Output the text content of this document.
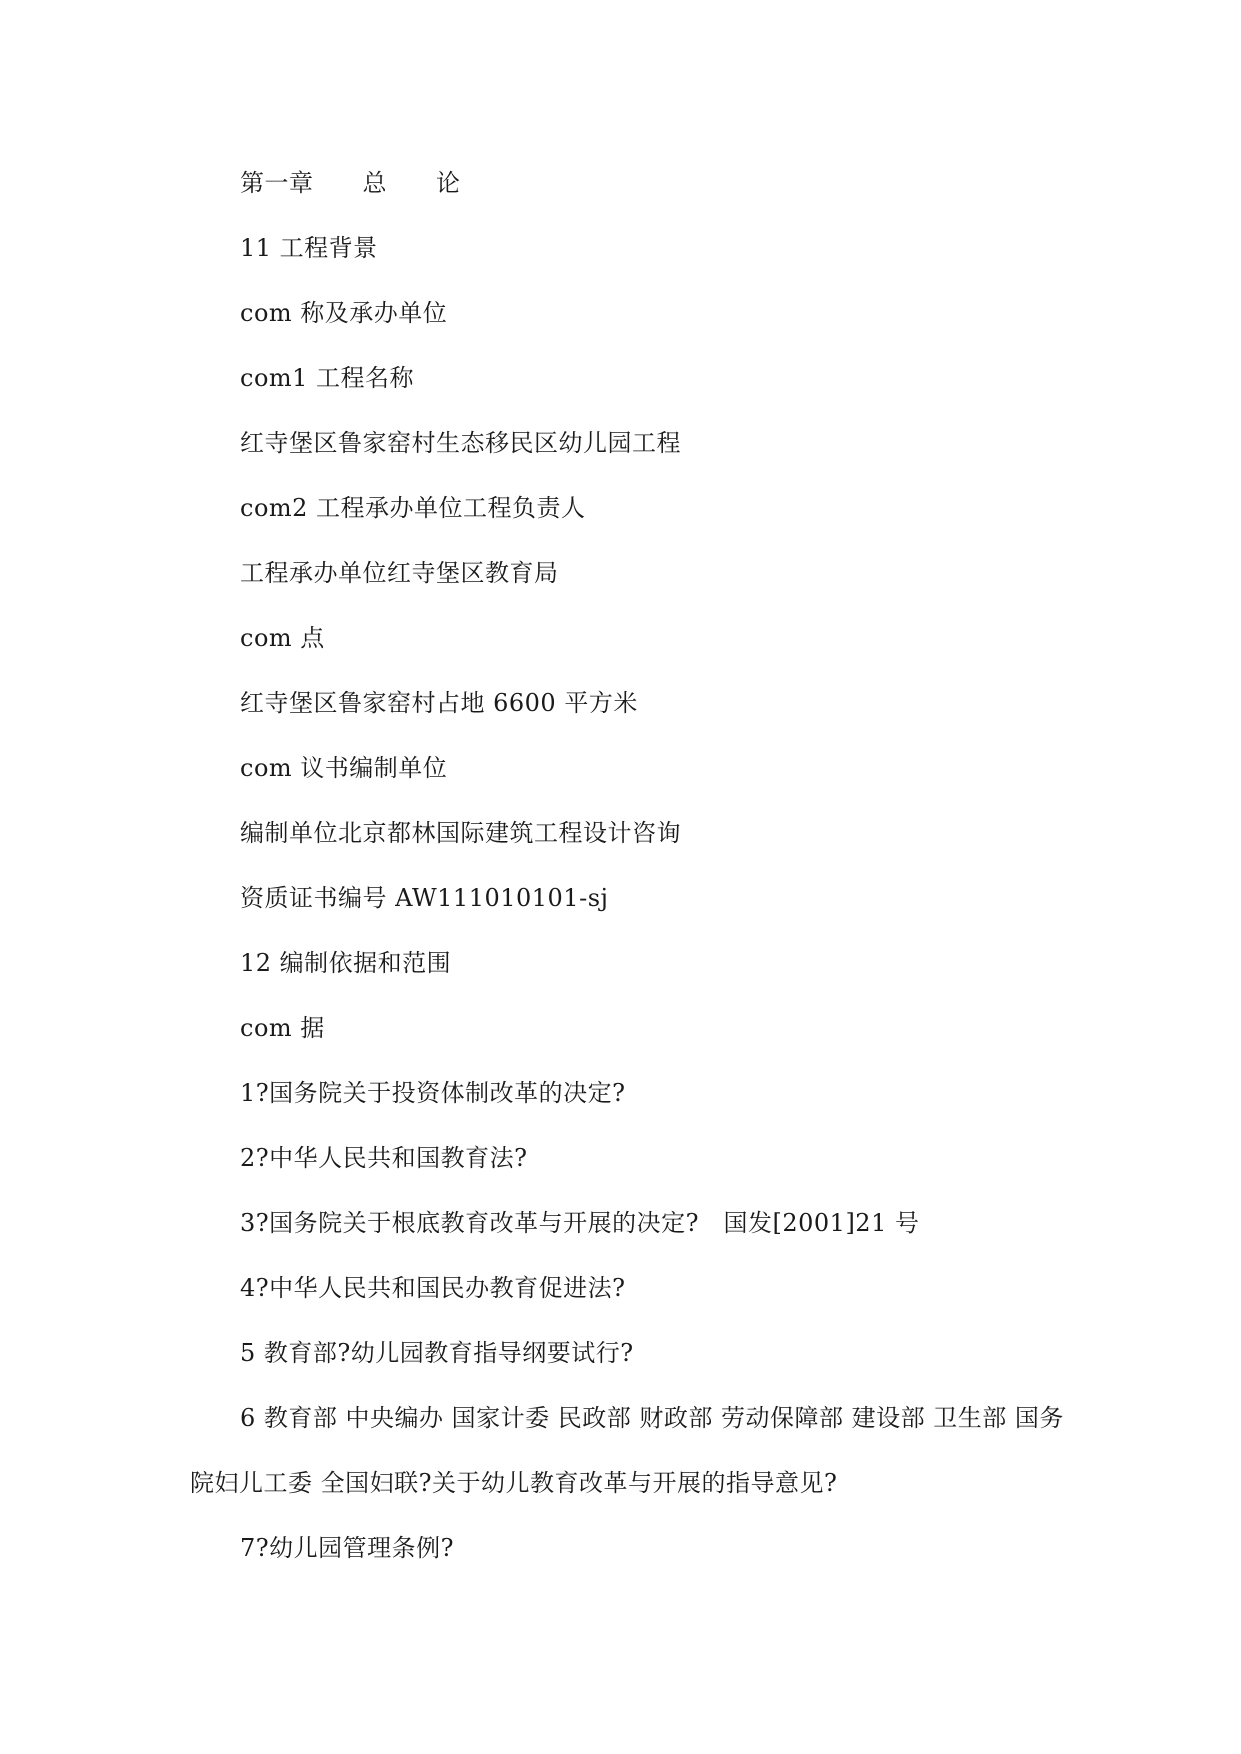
第一章　　总　　论

11 工程背景

com 称及承办单位

com1 工程名称

红寺堡区鲁家窑村生态移民区幼儿园工程

com2 工程承办单位工程负责人

工程承办单位红寺堡区教育局

com 点

红寺堡区鲁家窑村占地 6600 平方米

com 议书编制单位

编制单位北京都林国际建筑工程设计咨询

资质证书编号 AW111010101-sj

12 编制依据和范围

com 据

1?国务院关于投资体制改革的决定?

2?中华人民共和国教育法?

3?国务院关于根底教育改革与开展的决定?　国发[2001]21 号

4?中华人民共和国民办教育促进法?

5 教育部?幼儿园教育指导纲要试行?

6 教育部 中央编办 国家计委 民政部 财政部 劳动保障部 建设部 卫生部 国务

院妇儿工委 全国妇联?关于幼儿教育改革与开展的指导意见?

7?幼儿园管理条例?
